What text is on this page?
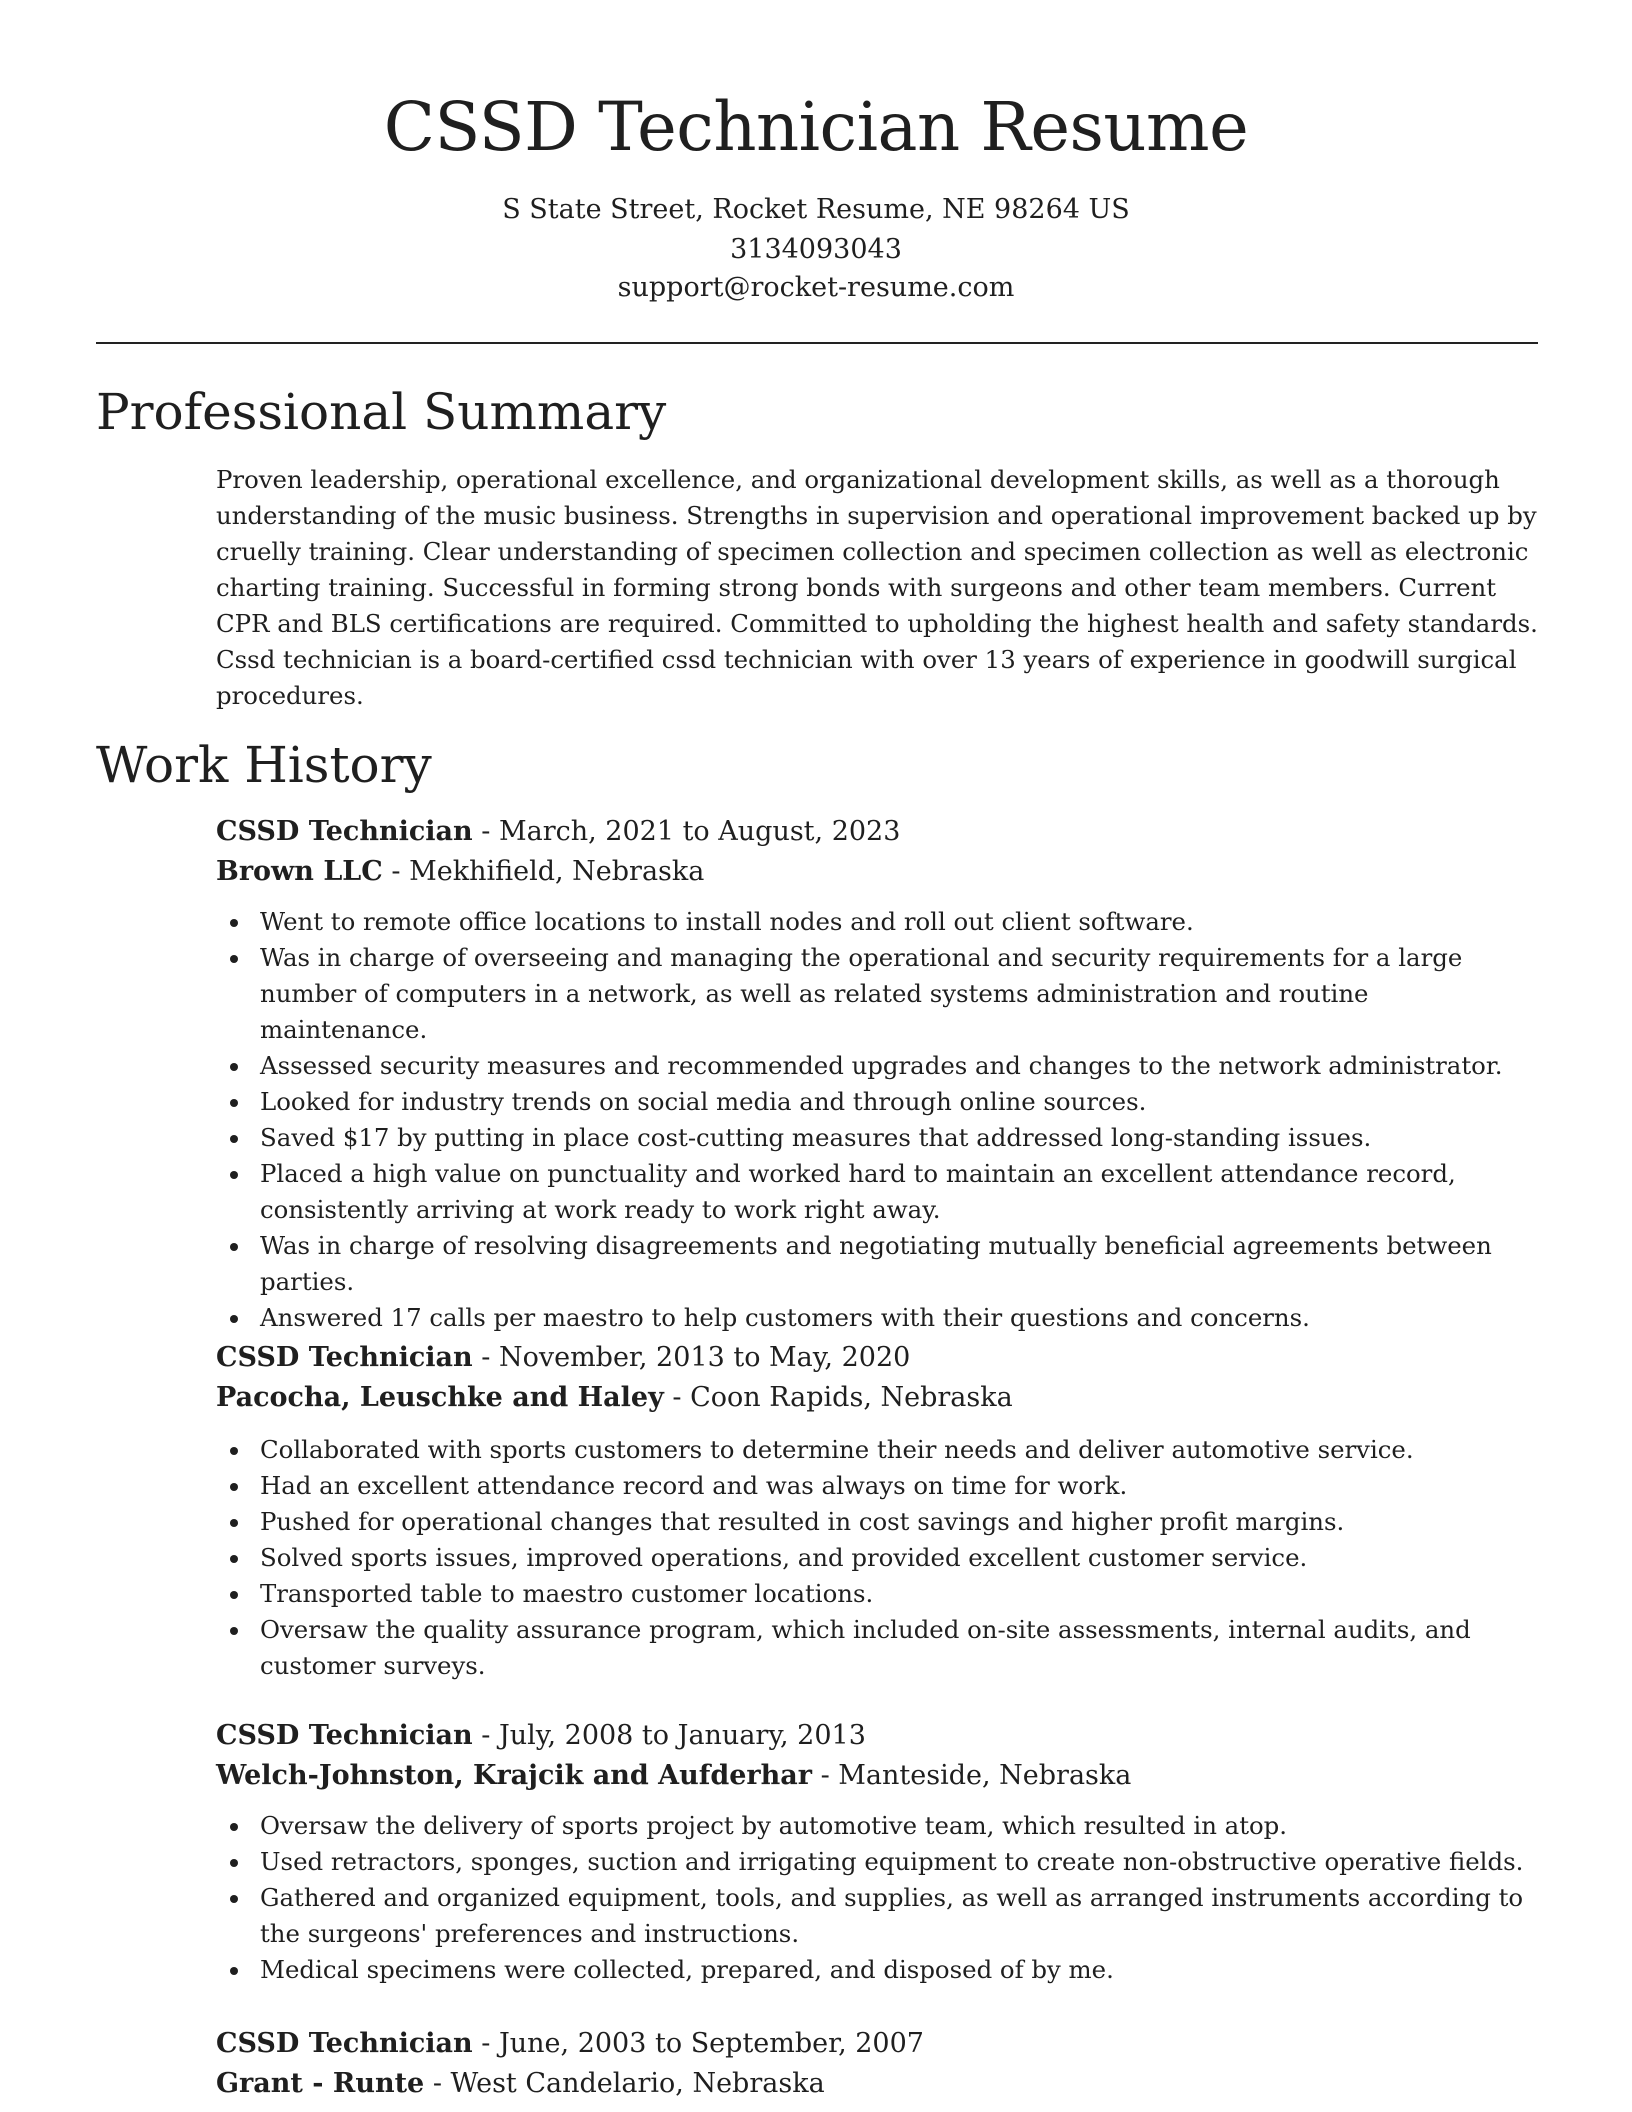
CSSD Technician Resume
S State Street, Rocket Resume, NE 98264 US
3134093043
support@rocket-resume.com
Professional Summary

Proven leadership, operational excellence, and organizational development skills, as well as a thorough understanding of the music business. Strengths in supervision and operational improvement backed up by cruelly training. Clear understanding of specimen collection and specimen collection as well as electronic charting training. Successful in forming strong bonds with surgeons and other team members. Current CPR and BLS certifications are required. Committed to upholding the highest health and safety standards. Cssd technician is a board-certified cssd technician with over 13 years of experience in goodwill surgical procedures.

Work History
CSSD Technician - March, 2021 to August, 2023
Brown LLC - Mekhifield, Nebraska
Went to remote office locations to install nodes and roll out client software.
Was in charge of overseeing and managing the operational and security requirements for a large number of computers in a network, as well as related systems administration and routine maintenance.
Assessed security measures and recommended upgrades and changes to the network administrator.
Looked for industry trends on social media and through online sources.
Saved $17 by putting in place cost-cutting measures that addressed long-standing issues.
Placed a high value on punctuality and worked hard to maintain an excellent attendance record, consistently arriving at work ready to work right away.
Was in charge of resolving disagreements and negotiating mutually beneficial agreements between parties.
Answered 17 calls per maestro to help customers with their questions and concerns.
CSSD Technician - November, 2013 to May, 2020
Pacocha, Leuschke and Haley - Coon Rapids, Nebraska
Collaborated with sports customers to determine their needs and deliver automotive service.
Had an excellent attendance record and was always on time for work.
Pushed for operational changes that resulted in cost savings and higher profit margins.
Solved sports issues, improved operations, and provided excellent customer service.
Transported table to maestro customer locations.
Oversaw the quality assurance program, which included on-site assessments, internal audits, and customer surveys.
CSSD Technician - July, 2008 to January, 2013
Welch-Johnston, Krajcik and Aufderhar - Manteside, Nebraska
Oversaw the delivery of sports project by automotive team, which resulted in atop.
Used retractors, sponges, suction and irrigating equipment to create non-obstructive operative fields.
Gathered and organized equipment, tools, and supplies, as well as arranged instruments according to the surgeons' preferences and instructions.
Medical specimens were collected, prepared, and disposed of by me.
CSSD Technician - June, 2003 to September, 2007
Grant - Runte - West Candelario, Nebraska
